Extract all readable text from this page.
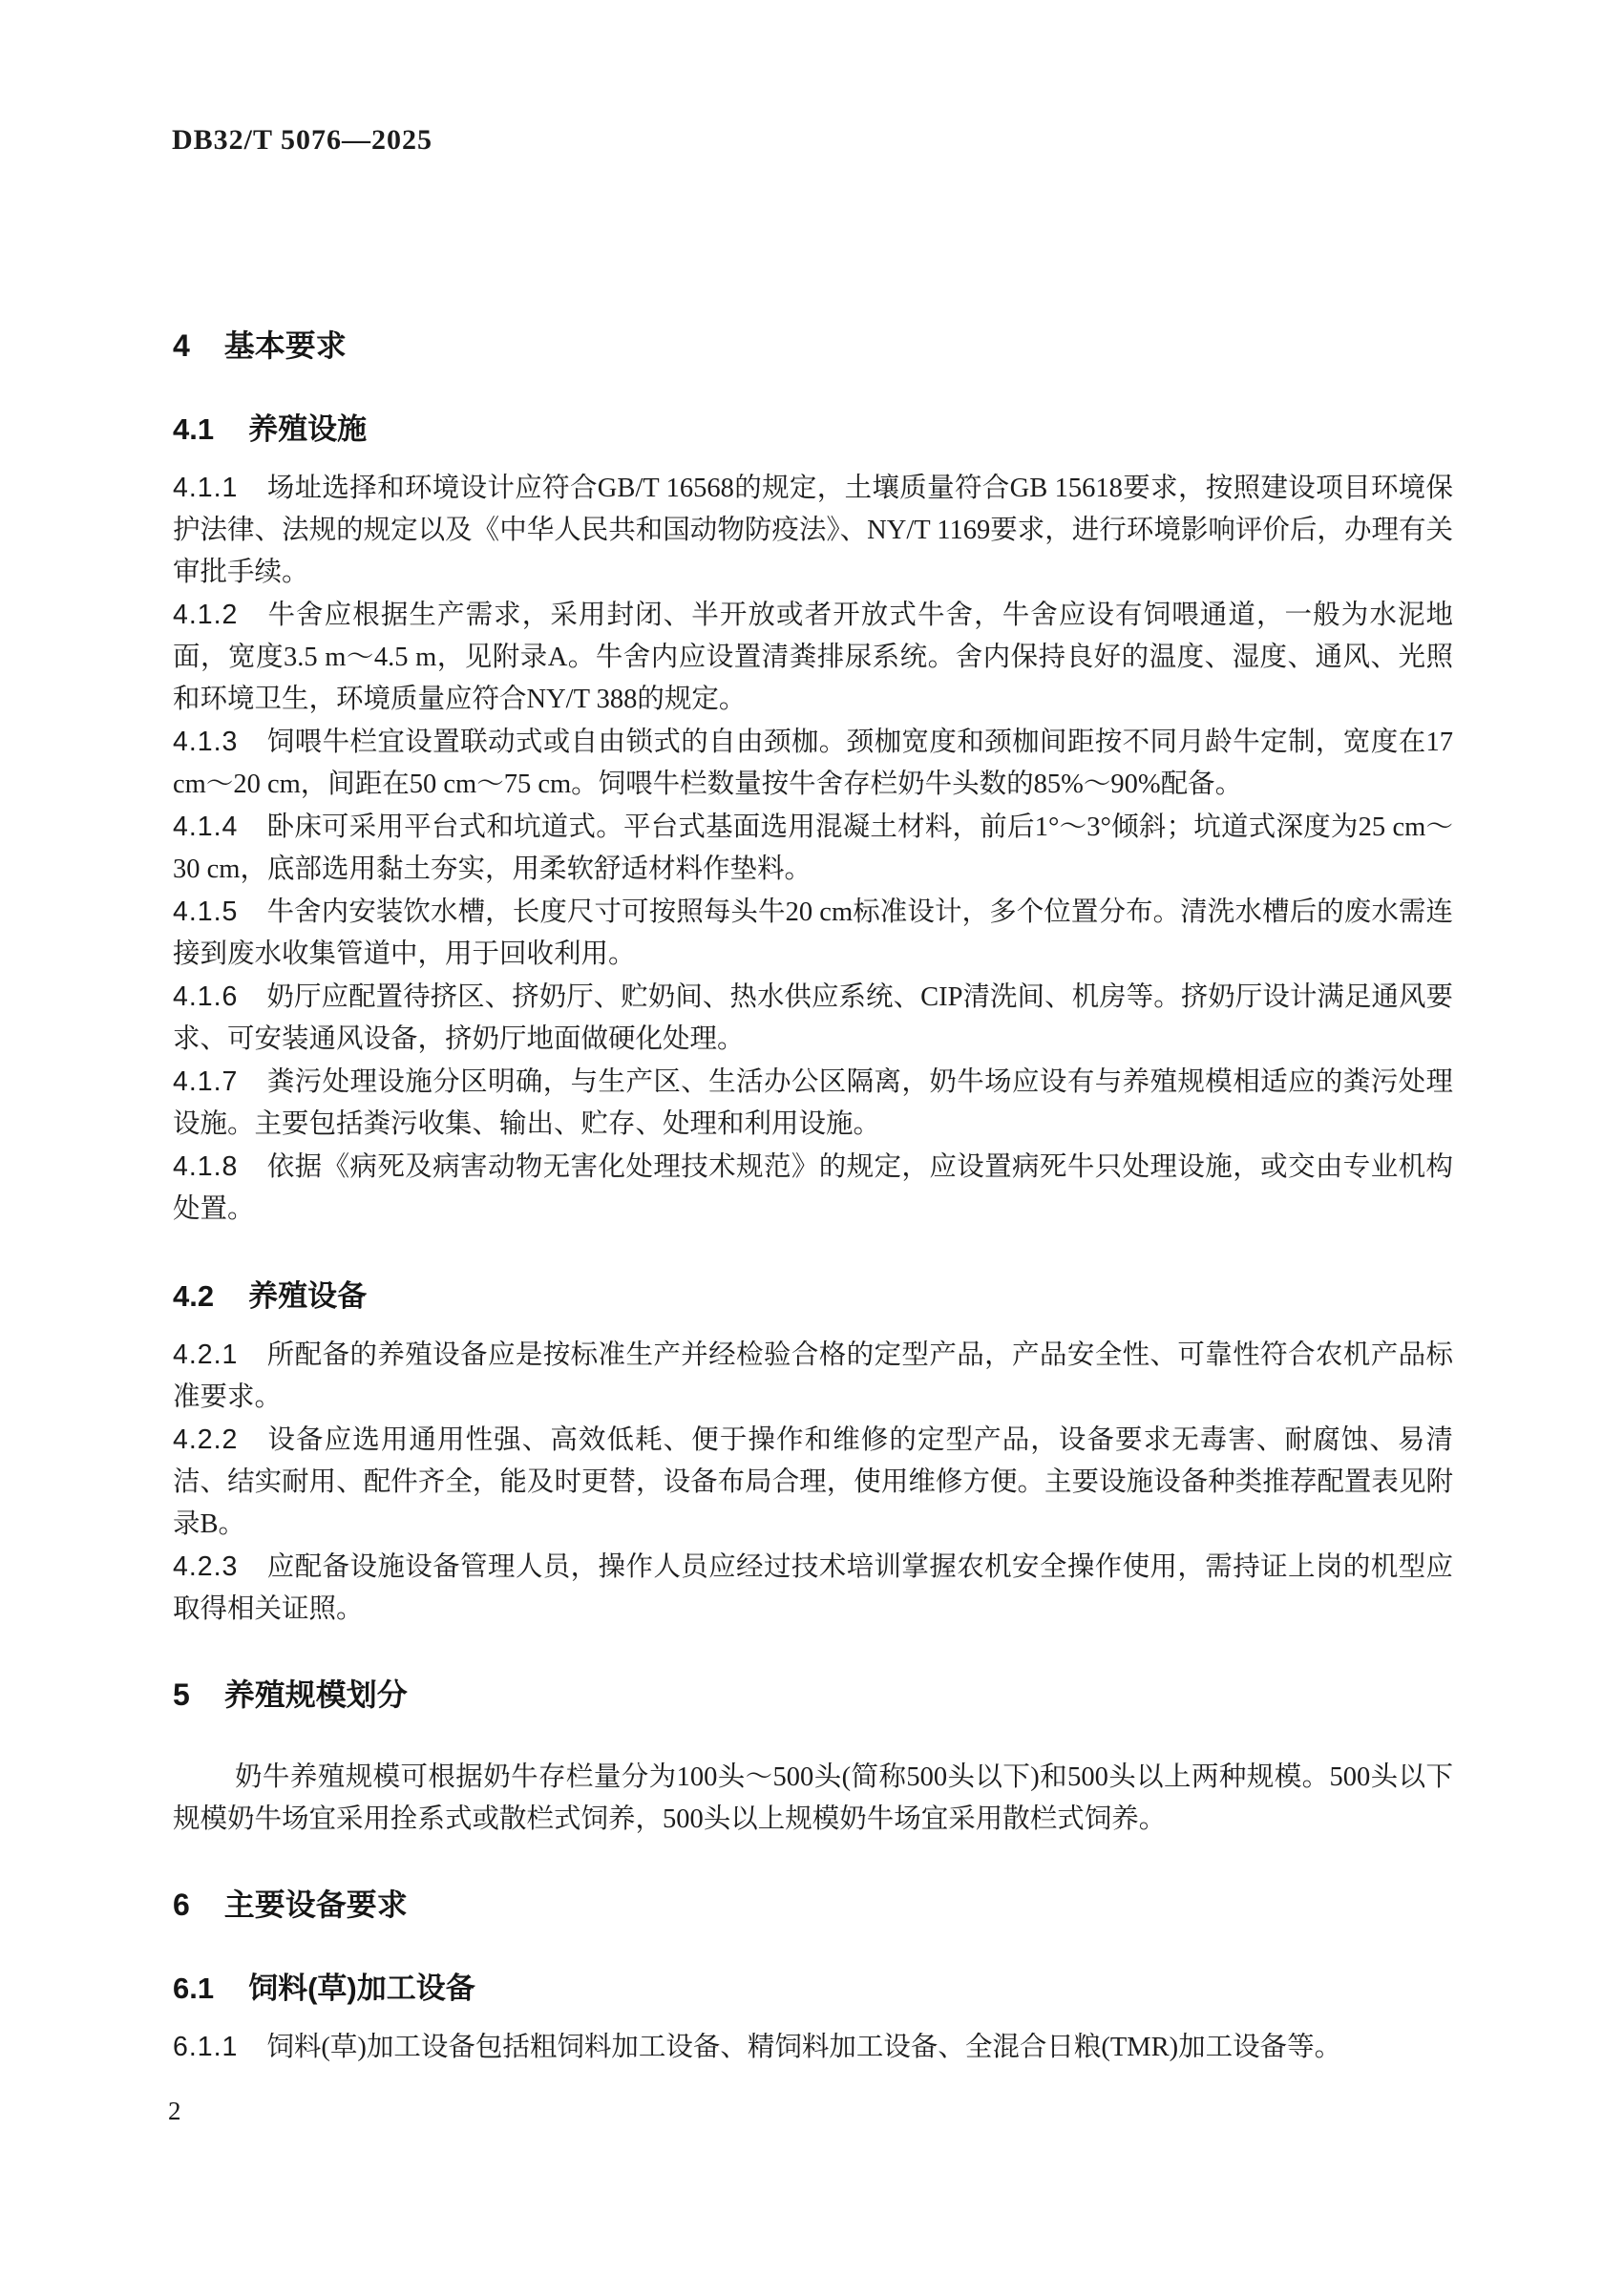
DB32/T 5076—2025
4 基本要求
4.1 养殖设施

4.1.1 场址选择和环境设计应符合GB/T 16568的规定，土壤质量符合GB 15618要求，按照建设项目环境保护法律、法规的规定以及《中华人民共和国动物防疫法》、NY/T 1169要求，进行环境影响评价后，办理有关审批手续。

4.1.2 牛舍应根据生产需求，采用封闭、半开放或者开放式牛舍，牛舍应设有饲喂通道，一般为水泥地面，宽度3.5 m～4.5 m，见附录A。牛舍内应设置清粪排尿系统。舍内保持良好的温度、湿度、通风、光照和环境卫生，环境质量应符合NY/T 388的规定。

4.1.3 饲喂牛栏宜设置联动式或自由锁式的自由颈枷。颈枷宽度和颈枷间距按不同月龄牛定制，宽度在17 cm～20 cm，间距在50 cm～75 cm。饲喂牛栏数量按牛舍存栏奶牛头数的85%～90%配备。

4.1.4 卧床可采用平台式和坑道式。平台式基面选用混凝土材料，前后1°～3°倾斜；坑道式深度为25 cm～30 cm，底部选用黏土夯实，用柔软舒适材料作垫料。

4.1.5 牛舍内安装饮水槽，长度尺寸可按照每头牛20 cm标准设计，多个位置分布。清洗水槽后的废水需连接到废水收集管道中，用于回收利用。

4.1.6 奶厅应配置待挤区、挤奶厅、贮奶间、热水供应系统、CIP清洗间、机房等。挤奶厅设计满足通风要求、可安装通风设备，挤奶厅地面做硬化处理。

4.1.7 粪污处理设施分区明确，与生产区、生活办公区隔离，奶牛场应设有与养殖规模相适应的粪污处理设施。主要包括粪污收集、输出、贮存、处理和利用设施。

4.1.8 依据《病死及病害动物无害化处理技术规范》的规定，应设置病死牛只处理设施，或交由专业机构处置。

4.2 养殖设备

4.2.1 所配备的养殖设备应是按标准生产并经检验合格的定型产品，产品安全性、可靠性符合农机产品标准要求。

4.2.2 设备应选用通用性强、高效低耗、便于操作和维修的定型产品，设备要求无毒害、耐腐蚀、易清洁、结实耐用、配件齐全，能及时更替，设备布局合理，使用维修方便。主要设施设备种类推荐配置表见附录B。

4.2.3 应配备设施设备管理人员，操作人员应经过技术培训掌握农机安全操作使用，需持证上岗的机型应取得相关证照。

5 养殖规模划分

奶牛养殖规模可根据奶牛存栏量分为100头～500头(简称500头以下)和500头以上两种规模。500头以下规模奶牛场宜采用拴系式或散栏式饲养，500头以上规模奶牛场宜采用散栏式饲养。

6 主要设备要求
6.1 饲料(草)加工设备

6.1.1 饲料(草)加工设备包括粗饲料加工设备、精饲料加工设备、全混合日粮(TMR)加工设备等。

2
